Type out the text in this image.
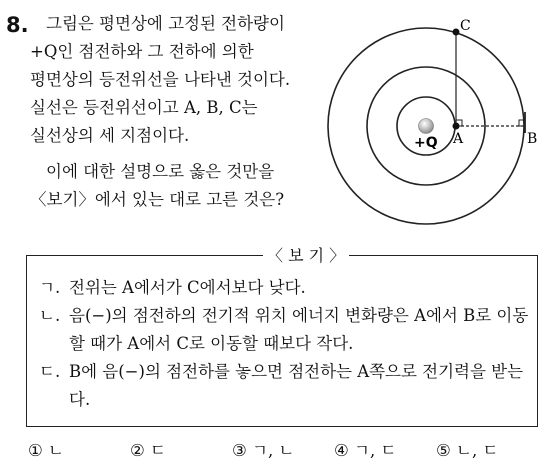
8.	그림은 평면상에 고정된 전하량이

+Q인 점전하와 그 전하에 의한

평면상의 등전위선을 나타낸 것이다.

실선은 등전위선이고 A, B, C는

실선상의 세 지점이다.

이에 대한 설명으로 옳은 것만을

〈보기〉에서 있는 대로 고른 것은?

+Q A	B
C
〈 보 기 〉
ㄱ. 전위는 A에서가 C에서보다 낮다.
ㄴ. 음(−)의 점전하의 전기적 위치 에너지 변화량은 A에서 B로 이동할 때가 A에서 C로 이동할 때보다 작다.
ㄷ. B에 음(−)의 점전하를 놓으면 점전하는 A쪽으로 전기력을 받는다.
① ㄴ	② ㄷ	③ ㄱ, ㄴ ④ ㄱ, ㄷ ⑤ ㄴ, ㄷ
